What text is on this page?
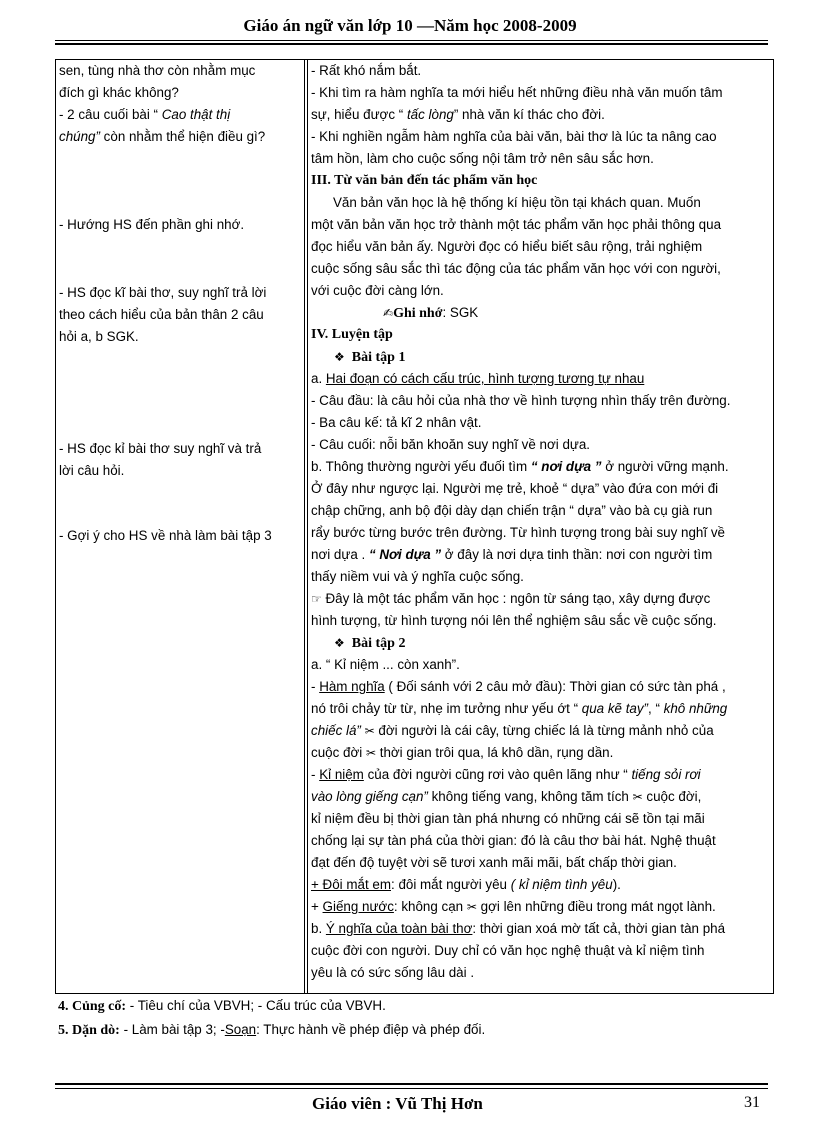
Giáo án ngữ văn lớp 10 —Năm học 2008-2009
sen, tùng nhà thơ còn nhằm mục
đích gì khác không?
- 2 câu cuối bài “ Cao thật thị
chúng” còn nhằm thể hiện điều gì?
- Hướng HS đến phần ghi nhớ.
- HS đọc kĩ bài thơ, suy nghĩ trả lời
theo cách hiểu của bản thân 2 câu
hỏi a, b SGK.
- HS đọc kỉ bài thơ suy nghĩ và trả
lời câu hỏi.
- Gợi ý cho HS về nhà làm bài tập 3
- Rất khó nắm bắt.
- Khi tìm ra hàm nghĩa ta mới hiểu hết những điều nhà văn muốn tâm
sự, hiểu được “ tấc lòng” nhà văn kí thác cho đời.
- Khi nghiền ngẫm hàm nghĩa của bài văn, bài thơ là lúc ta nâng cao
tâm hồn, làm cho cuộc sống nội tâm trở nên sâu sắc hơn.
III. Từ văn bản đến tác phẩm văn học
Văn bản văn học là hệ thống kí hiệu tồn tại khách quan. Muốn
một văn bản văn học trở thành một tác phẩm văn học phải thông qua
đọc hiểu văn bản ấy. Người đọc có hiểu biết sâu rộng, trải nghiệm
cuộc sống sâu sắc thì tác động của tác phẩm văn học với con người,
với cuộc đời càng lớn.
✍Ghi nhớ: SGK
IV. Luyện tập
❖ Bài tập 1
a. Hai đoạn có cách cấu trúc, hình tượng tương tự nhau
- Câu đầu: là câu hỏi của nhà thơ về hình tượng nhìn thấy trên đường.
- Ba câu kế: tả kĩ 2 nhân vật.
- Câu cuối: nỗi băn khoăn suy nghĩ về nơi dựa.
b. Thông thường người yếu đuối tìm “ nơi dựa ” ở người vững mạnh.
Ở đây như ngược lại. Người mẹ trẻ, khoẻ “ dựa” vào đứa con mới đi
chập chững, anh bộ đội dày dạn chiến trận “ dựa” vào bà cụ già run
rẩy bước từng bước trên đường. Từ hình tượng trong bài suy nghĩ về
nơi dựa . “ Nơi dựa ” ở đây là nơi dựa tinh thần: nơi con người tìm
thấy niềm vui và ý nghĩa cuộc sống.
☞ Đây là một tác phẩm văn học : ngôn từ sáng tạo, xây dựng được
hình tượng, từ hình tượng nói lên thể nghiệm sâu sắc về cuộc sống.
❖ Bài tập 2
a. “ Kỉ niệm ... còn xanh”.
- Hàm nghĩa ( Đối sánh với 2 câu mở đầu): Thời gian có sức tàn phá ,
nó trôi chảy từ từ, nhẹ im tưởng như yếu ớt “ qua kẽ tay”, “ khô những
chiếc lá” ✂ đời người là cái cây, từng chiếc lá là từng mảnh nhỏ của
cuộc đời ✂ thời gian trôi qua, lá khô dần, rụng dần.
- Kỉ niệm của đời người cũng rơi vào quên lãng như “ tiếng sỏi rơi
vào lòng giếng cạn” không tiếng vang, không tăm tích ✂ cuộc đời,
kỉ niệm đều bị thời gian tàn phá nhưng có những cái sẽ tồn tại mãi
chống lại sự tàn phá của thời gian: đó là câu thơ bài hát. Nghệ thuật
đạt đến độ tuyệt vời sẽ tươi xanh mãi mãi, bất chấp thời gian.
+ Đôi mắt em: đôi mắt người yêu ( kỉ niệm tình yêu).
+ Giếng nước: không cạn ✂ gợi lên những điều trong mát ngọt lành.
b. Ý nghĩa của toàn bài thơ: thời gian xoá mờ tất cả, thời gian tàn phá
cuộc đời con người. Duy chỉ có văn học nghệ thuật và kỉ niệm tình
yêu là có sức sống lâu dài .
4. Củng cố: - Tiêu chí của VBVH; - Cấu trúc của VBVH.
5. Dặn dò: - Làm bài tập 3; -Soạn: Thực hành về phép điệp và phép đối.
Giáo viên : Vũ Thị Hơn	31
